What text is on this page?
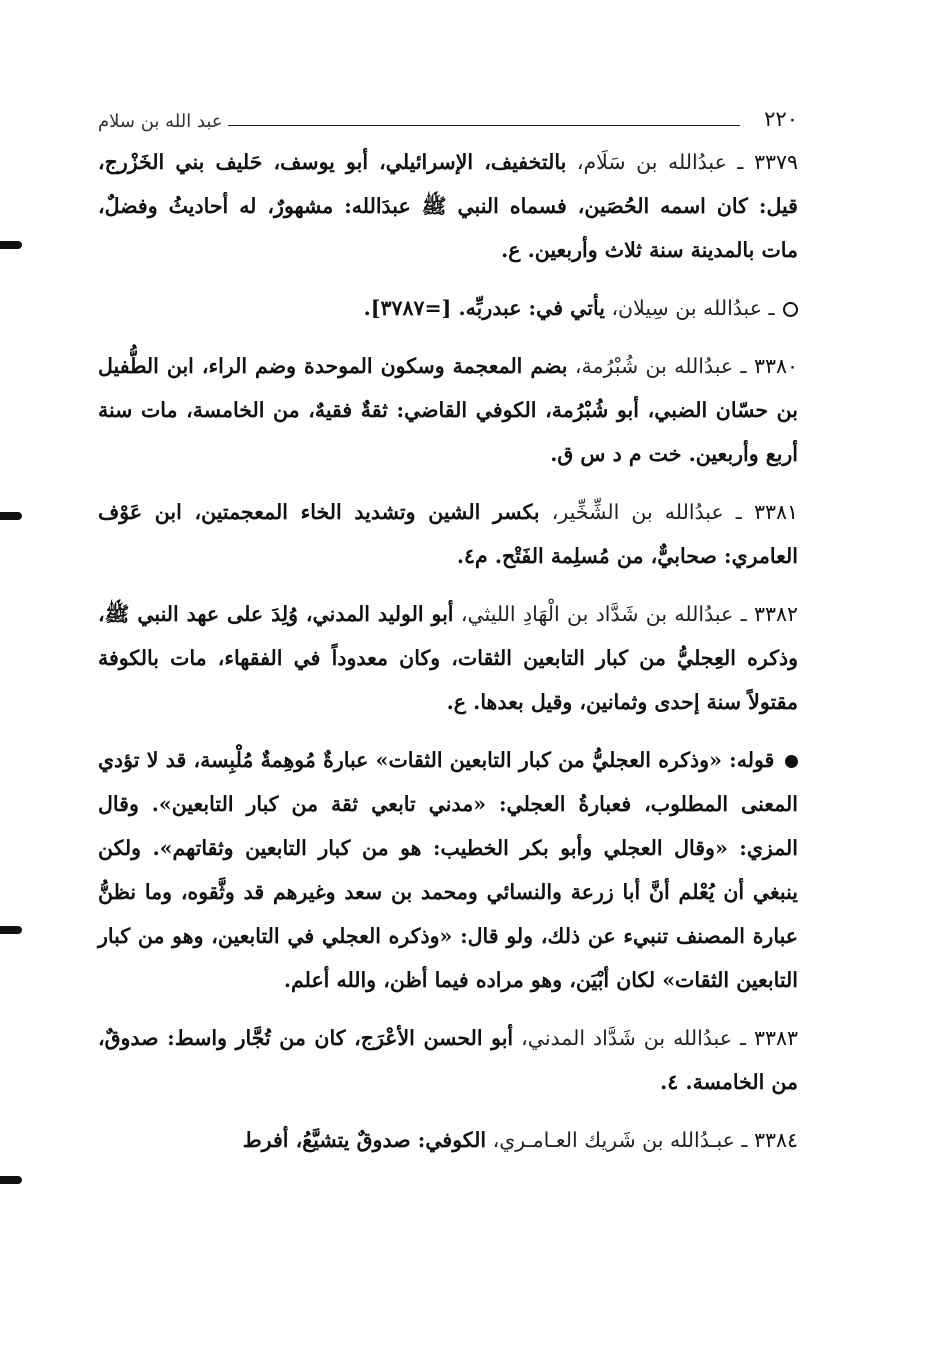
٢٢٠
عبد الله بن سلام

٣٣٧٩ ـ عبدُالله بن سَلَام، بالتخفيف، الإسرائيلي، أبو يوسف، حَليف بني الخَزْرج، قيل: كان اسمه الحُصَين، فسماه النبي ﷺ عبدَالله: مشهورٌ، له أحاديثُ وفضلٌ، مات بالمدينة سنة ثلاث وأربعين. ع.

ـ عبدُالله بن سِيلان، يأتي في: عبدربِّه. [=٣٧٨٧].

٣٣٨٠ ـ عبدُالله بن شُبْرُمة، بضم المعجمة وسكون الموحدة وضم الراء، ابن الطُّفيل بن حسّان الضبي، أبو شُبْرُمة، الكوفي القاضي: ثقةٌ فقيهٌ، من الخامسة، مات سنة أربع وأربعين. خت م د س ق.

٣٣٨١ ـ عبدُالله بن الشِّخِّير، بكسر الشين وتشديد الخاء المعجمتين، ابن عَوْف العامري: صحابيٌّ، من مُسلِمة الفَتْح. م٤.

٣٣٨٢ ـ عبدُالله بن شَدَّاد بن الْهَادِ الليثي، أبو الوليد المدني، وُلِدَ على عهد النبي ﷺ، وذكره العِجليُّ من كبار التابعين الثقات، وكان معدوداً في الفقهاء، مات بالكوفة مقتولاً سنة إحدى وثمانين، وقيل بعدها. ع.

قوله: «وذكره العجليُّ من كبار التابعين الثقات» عبارةٌ مُوهِمةٌ مُلْبِسة، قد لا تؤدي المعنى المطلوب، فعبارةُ العجلي: «مدني تابعي ثقة من كبار التابعين». وقال المزي: «وقال العجلي وأبو بكر الخطيب: هو من كبار التابعين وثقاتهم». ولكن ينبغي أن يُعْلم أنَّ أبا زرعة والنسائي ومحمد بن سعد وغيرهم قد وثَّقوه، وما نظنُّ عبارة المصنف تنبيء عن ذلك، ولو قال: «وذكره العجلي في التابعين، وهو من كبار التابعين الثقات» لكان أبْيَن، وهو مراده فيما أظن، والله أعلم.

٣٣٨٣ ـ عبدُالله بن شَدَّاد المدني، أبو الحسن الأعْرَج، كان من تُجَّار واسط: صدوقٌ، من الخامسة. ٤.

٣٣٨٤ ـ عبـدُالله بن شَريك العـامـري، الكوفي: صدوقٌ يتشيَّعُ، أفرط
